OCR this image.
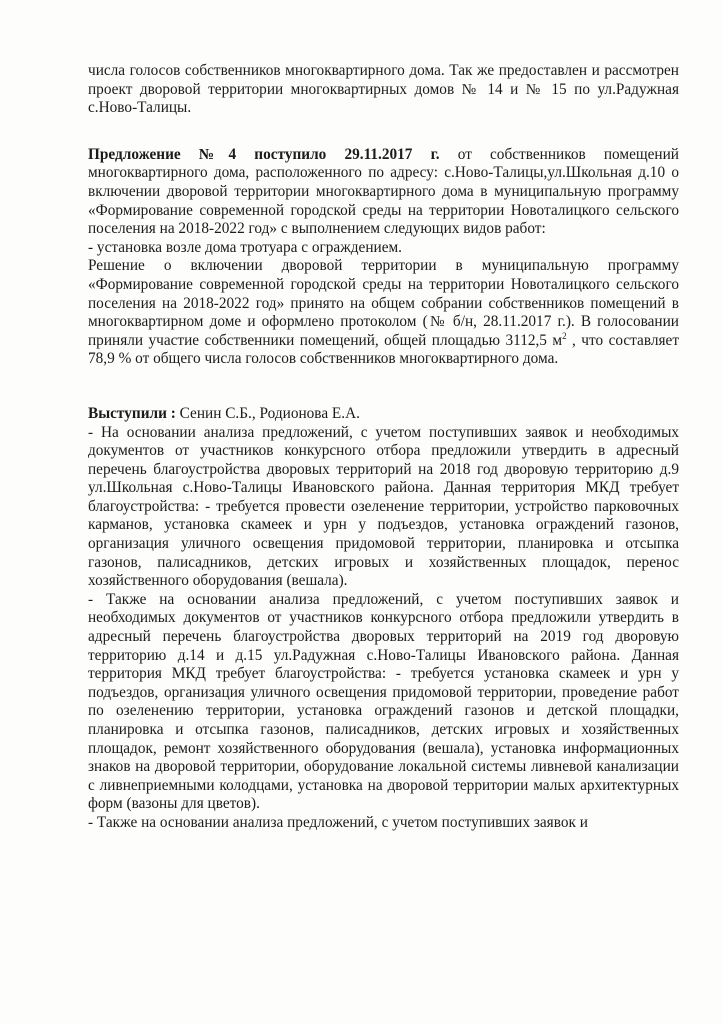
числа голосов собственников многоквартирного дома. Так же предоставлен и рассмотрен проект дворовой территории многоквартирных домов № 14 и № 15 по ул.Радужная с.Ново-Талицы.

Предложение №4 поступило 29.11.2017 г. от собственников помещений многоквартирного дома, расположенного по адресу: с.Ново-Талицы,ул.Школьная д.10 о включении дворовой территории многоквартирного дома в муниципальную программу «Формирование современной городской среды на территории Новоталицкого сельского поселения на 2018-2022 год» с выполнением следующих видов работ:

- установка возле дома тротуара с ограждением.

Решение о включении дворовой территории в муниципальную программу «Формирование современной городской среды на территории Новоталицкого сельского поселения на 2018-2022 год» принято на общем собрании собственников помещений в многоквартирном доме и оформлено протоколом (№ б/н, 28.11.2017 г.). В голосовании приняли участие собственники помещений, общей площадью 3112,5 $м^2$ , что составляет 78,9 % от общего числа голосов собственников многоквартирного дома.

Выступили : Сенин С.Б., Родионова Е.А.

- На основании анализа предложений, с учетом поступивших заявок и необходимых документов от участников конкурсного отбора предложили утвердить в адресный перечень благоустройства дворовых территорий на 2018 год дворовую территорию д.9 ул.Школьная с.Ново-Талицы Ивановского района. Данная территория МКД требует благоустройства: - требуется провести озеленение территории, устройство парковочных карманов, установка скамеек и урн у подъездов, установка ограждений газонов, организация уличного освещения придомовой территории, планировка и отсыпка газонов, палисадников, детских игровых и хозяйственных площадок, перенос хозяйственного оборудования (вешала).

- Также на основании анализа предложений, с учетом поступивших заявок и необходимых документов от участников конкурсного отбора предложили утвердить в адресный перечень благоустройства дворовых территорий на 2019 год дворовую территорию д.14 и д.15 ул.Радужная с.Ново-Талицы Ивановского района. Данная территория МКД требует благоустройства: - требуется установка скамеек и урн у подъездов, организация уличного освещения придомовой территории, проведение работ по озеленению территории, установка ограждений газонов и детской площадки, планировка и отсыпка газонов, палисадников, детских игровых и хозяйственных площадок, ремонт хозяйственного оборудования (вешала), установка информационных знаков на дворовой территории, оборудование локальной системы ливневой канализации с ливнеприемными колодцами, установка на дворовой территории малых архитектурных форм (вазоны для цветов).

- Также на основании анализа предложений, с учетом поступивших заявок и
